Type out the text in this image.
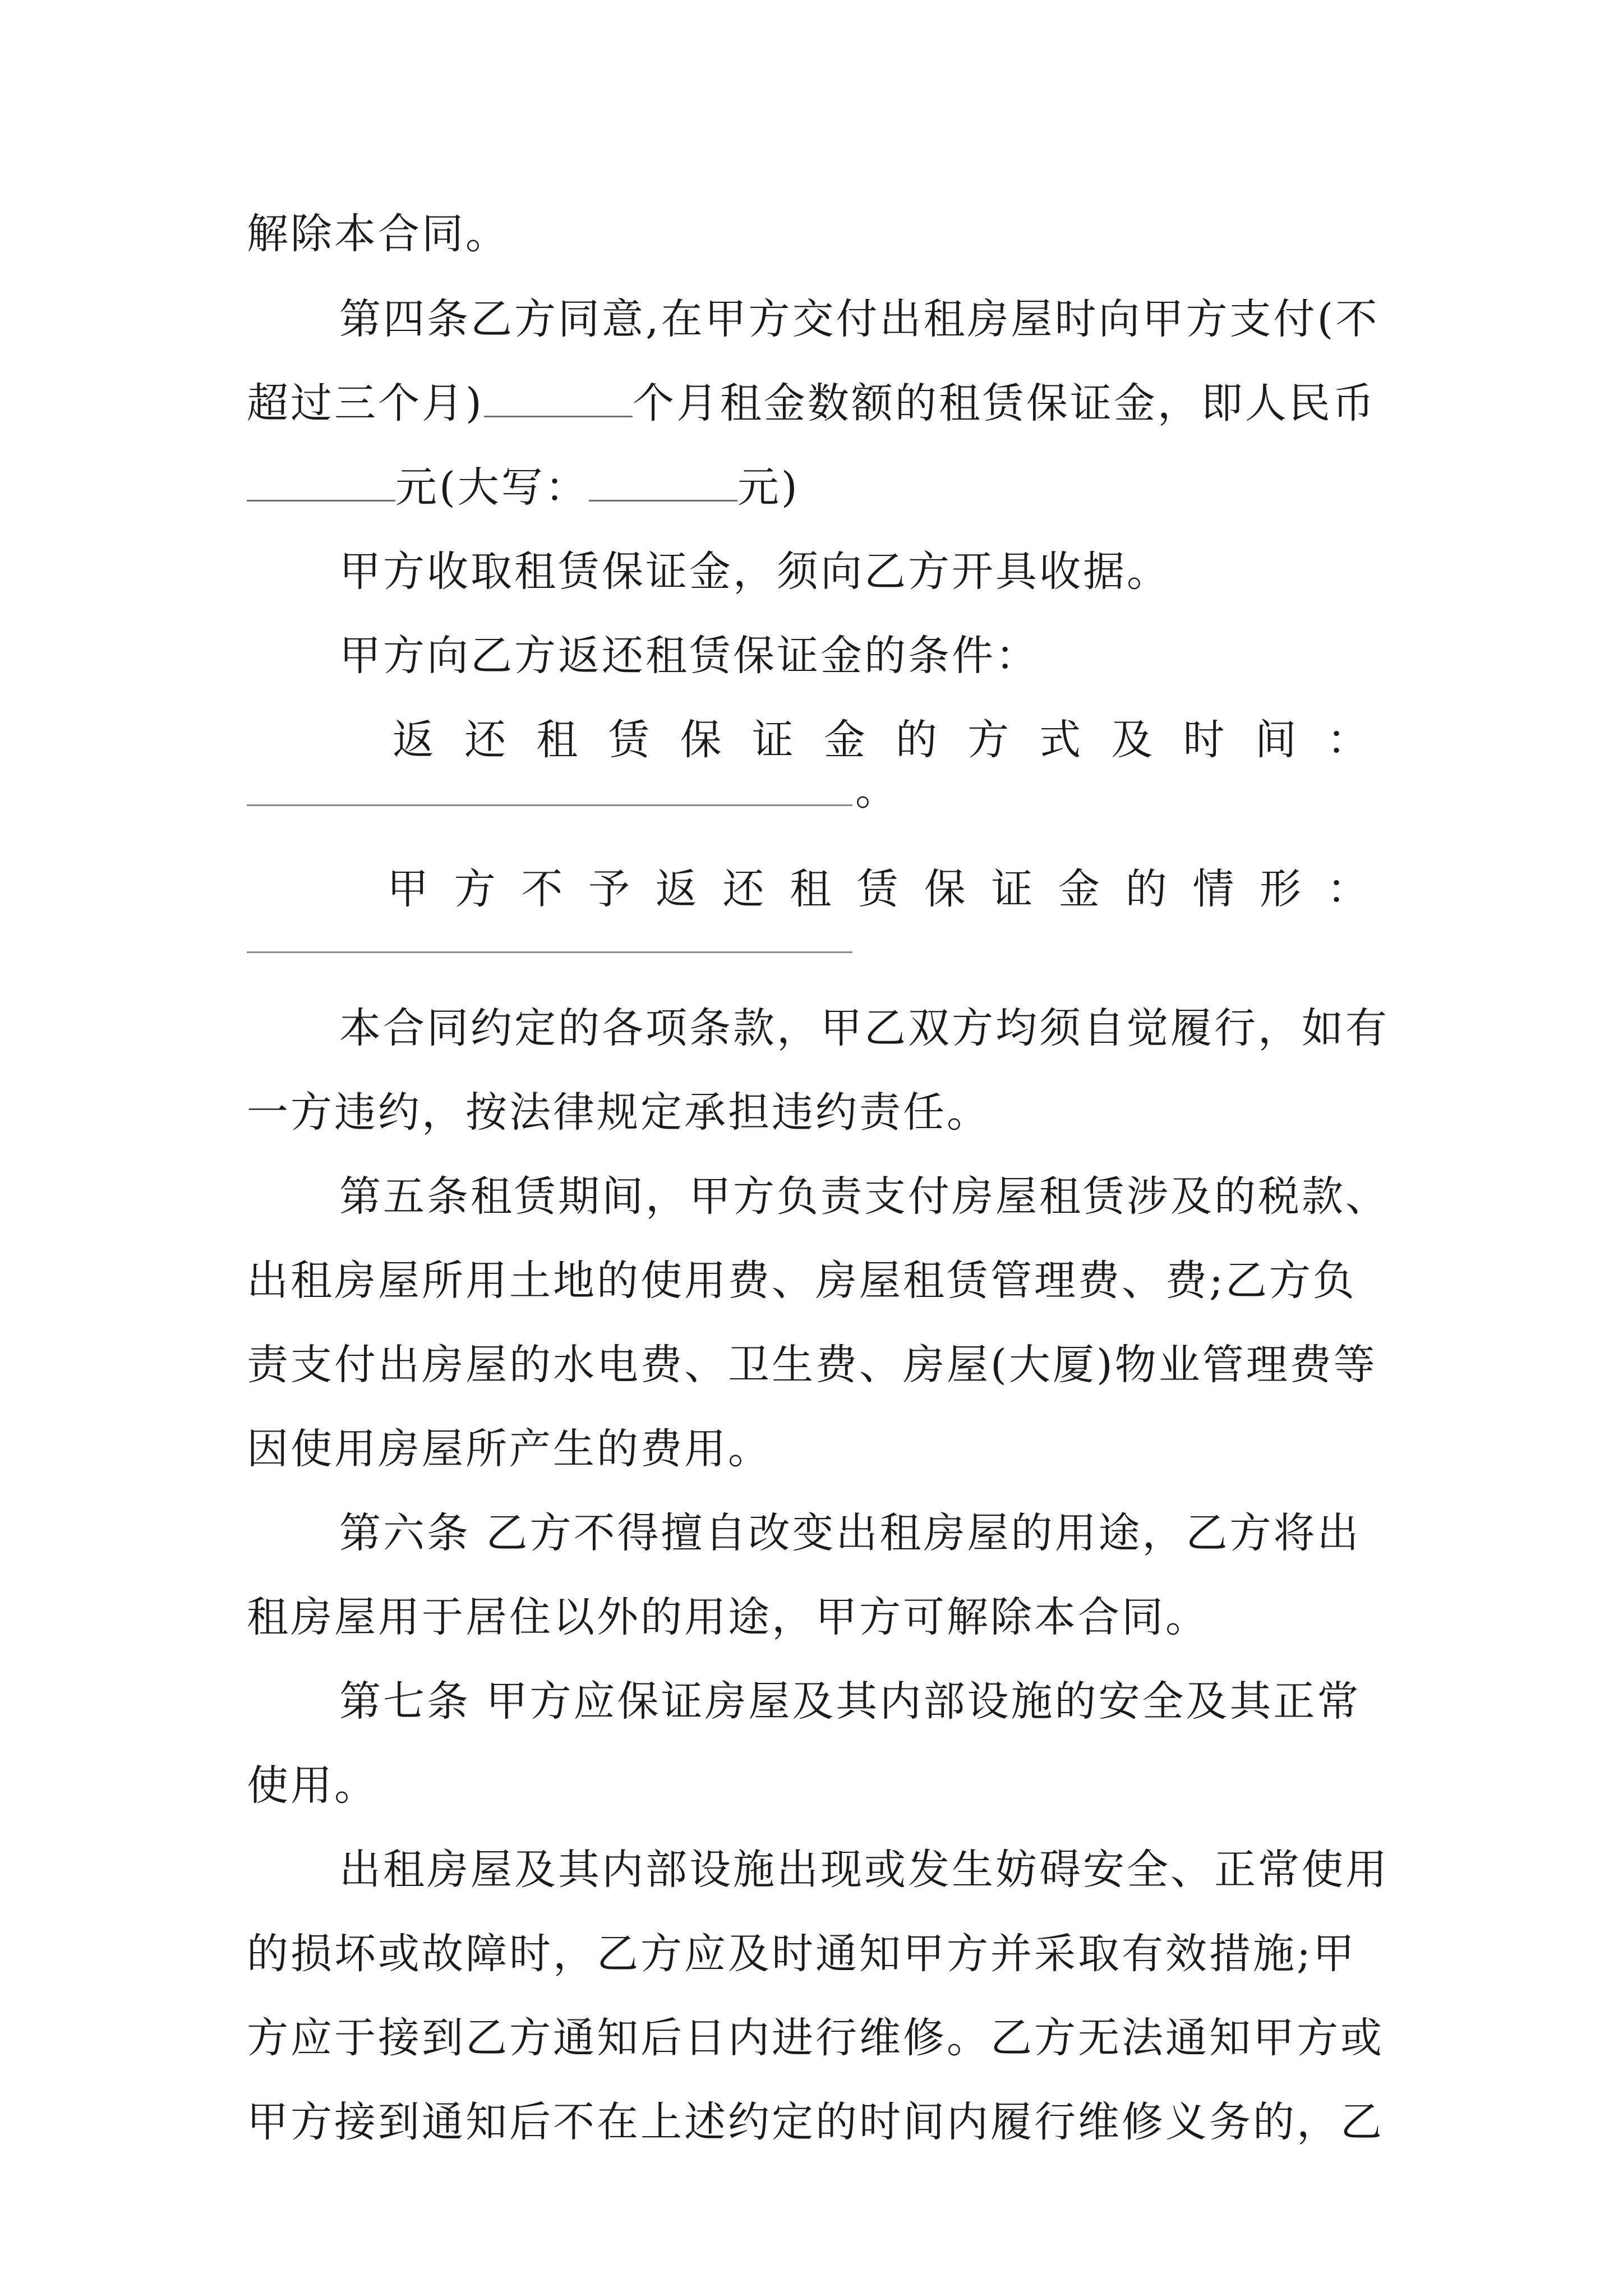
解除本合同。
第四条乙方同意,在甲方交付出租房屋时向甲方支付(不
超过三个月)	个月租金数额的租赁保证金，即人民币
元(大写：	元)
甲方收取租赁保证金，须向乙方开具收据。
甲方向乙方返还租赁保证金的条件：
返 还 租 赁 保 证 金 的 方 式 及 时 间 ：
。
甲 方 不 予 返 还 租 赁 保 证 金 的 情 形 ：
本合同约定的各项条款，甲乙双方均须自觉履行，如有
一方违约，按法律规定承担违约责任。
第五条租赁期间，甲方负责支付房屋租赁涉及的税款、
出租房屋所用土地的使用费、房屋租赁管理费、费;乙方负
责支付出房屋的水电费、卫生费、房屋(大厦)物业管理费等
因使用房屋所产生的费用。
第六条 乙方不得擅自改变出租房屋的用途，乙方将出
租房屋用于居住以外的用途，甲方可解除本合同。
第七条 甲方应保证房屋及其内部设施的安全及其正常
使用。
出租房屋及其内部设施出现或发生妨碍安全、正常使用
的损坏或故障时，乙方应及时通知甲方并采取有效措施;甲
方应于接到乙方通知后日内进行维修。乙方无法通知甲方或
甲方接到通知后不在上述约定的时间内履行维修义务的，乙
